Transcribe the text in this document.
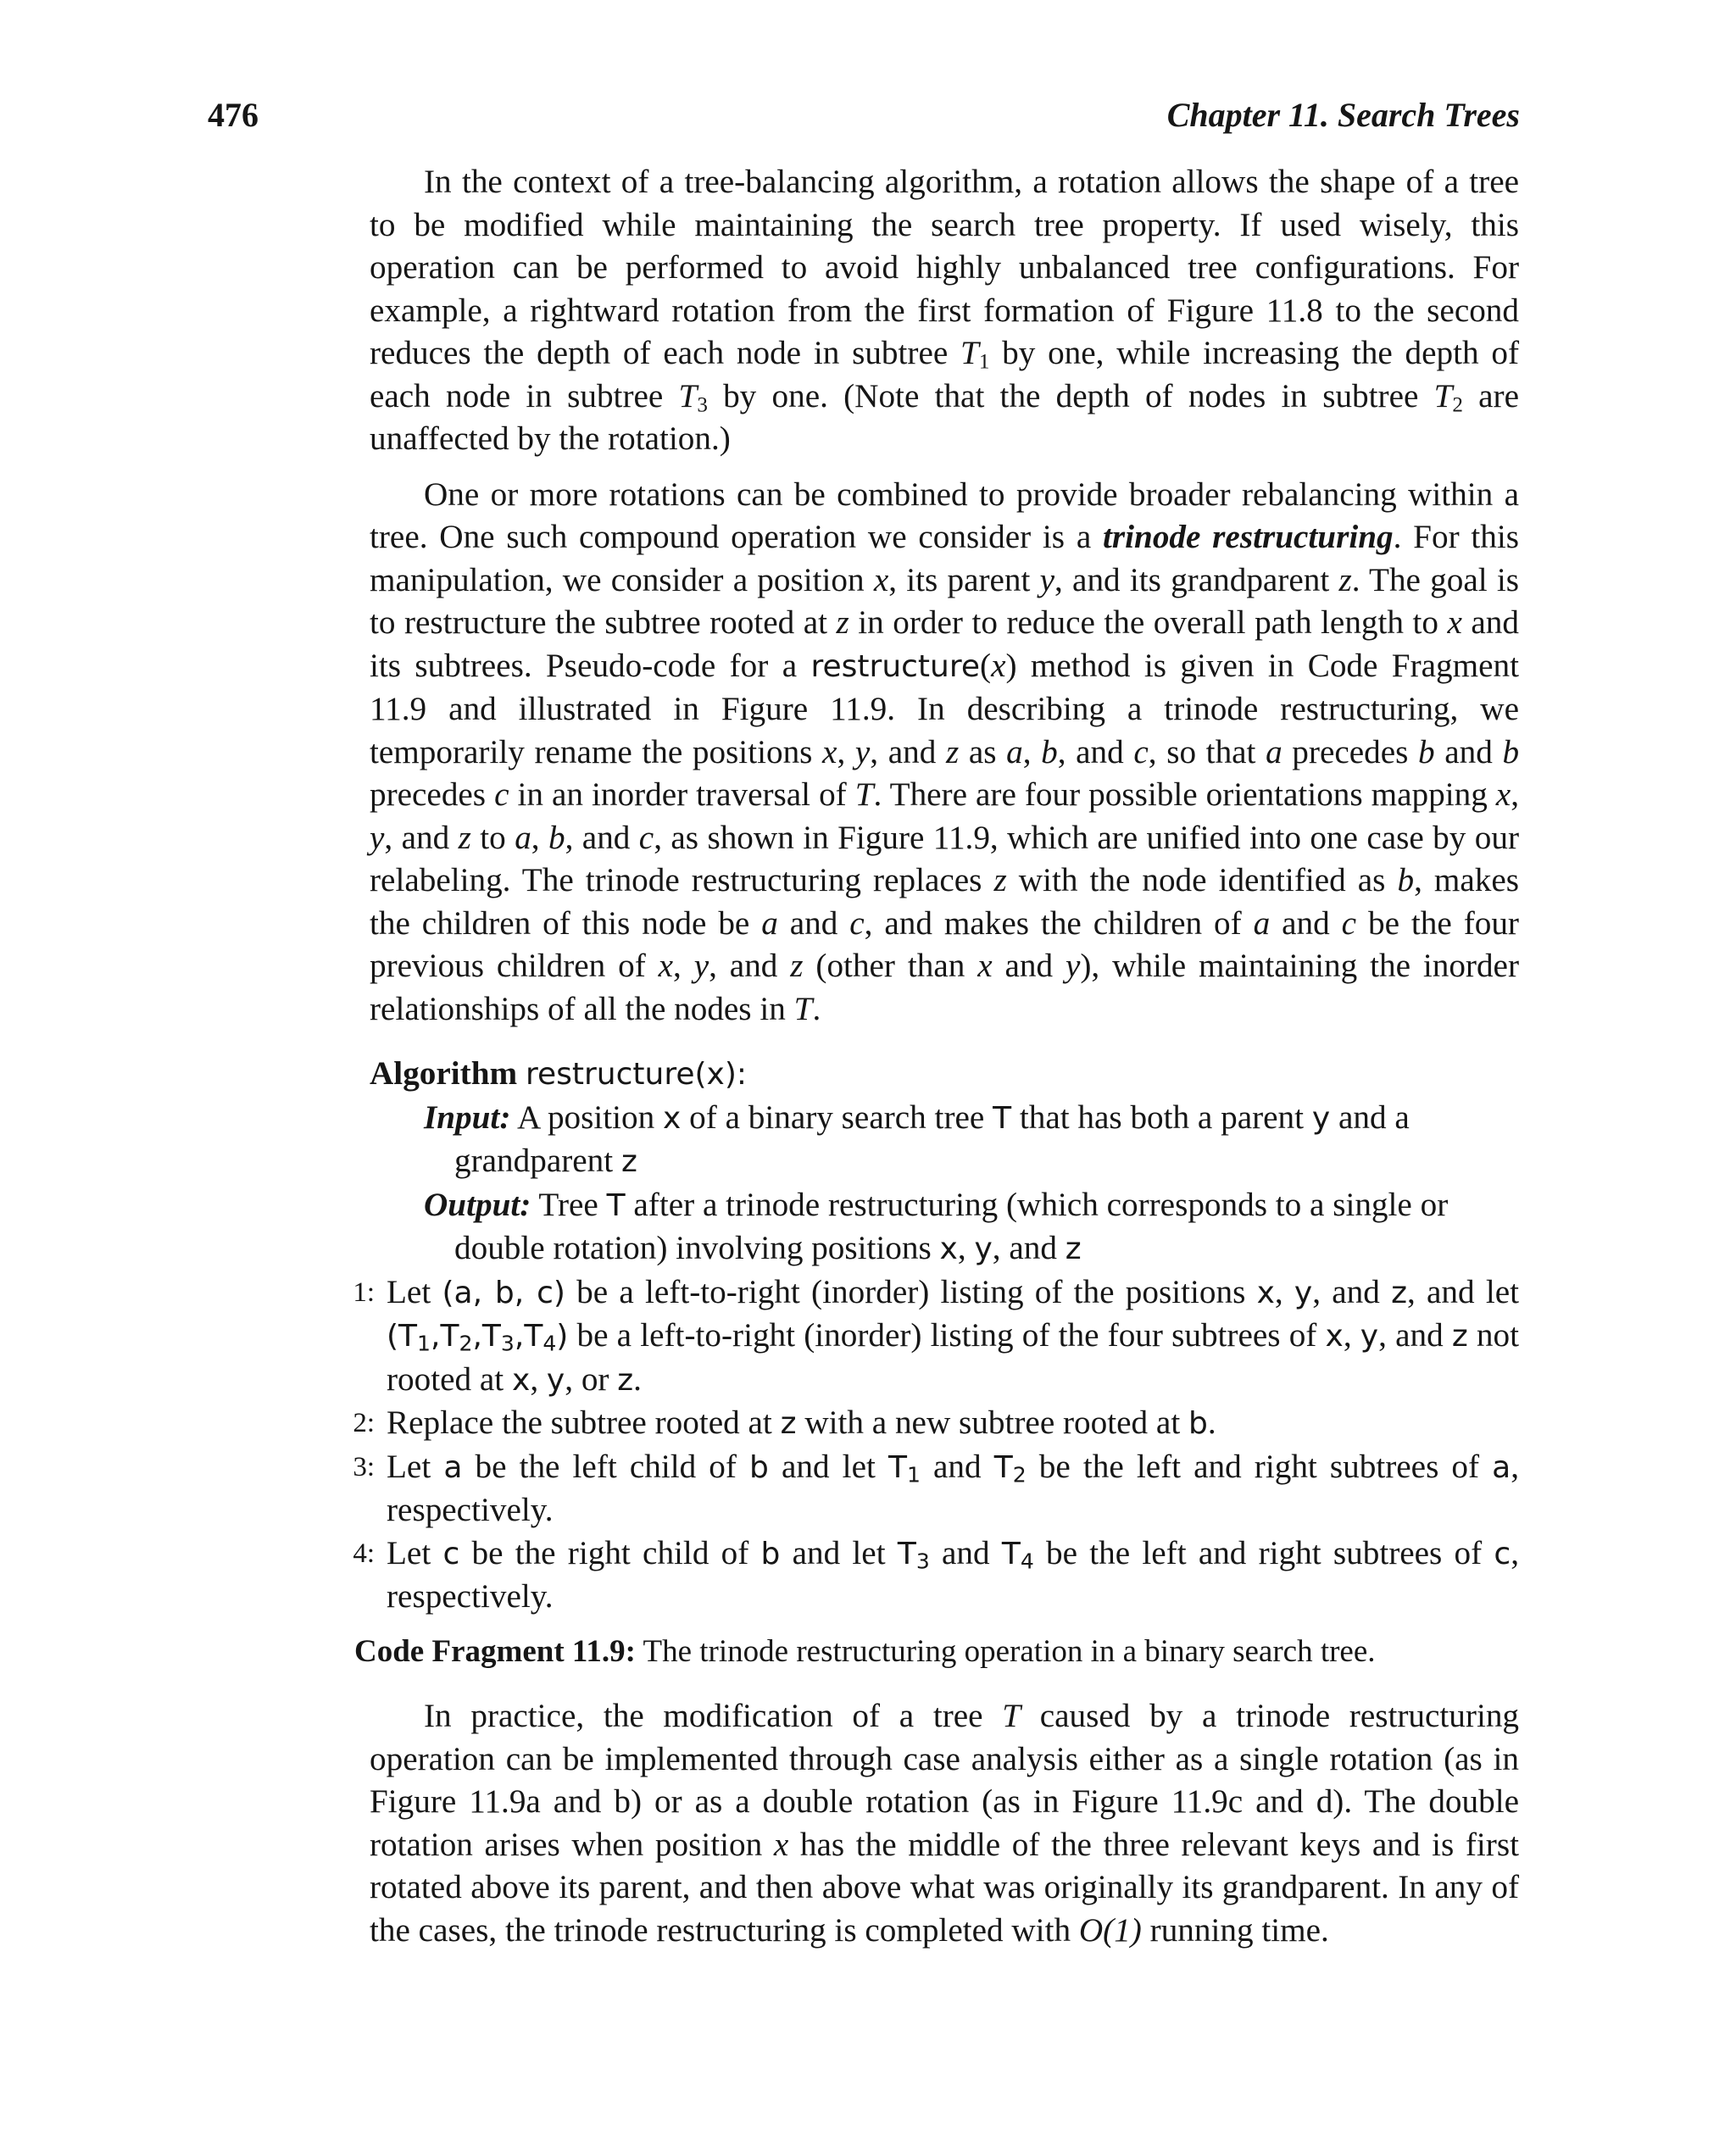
476	Chapter 11. Search Trees

In the context of a tree-balancing algorithm, a rotation allows the shape of a tree to be modified while maintaining the search tree property. If used wisely, this operation can be performed to avoid highly unbalanced tree configurations. For example, a rightward rotation from the first formation of Figure 11.8 to the second reduces the depth of each node in subtree $T_1$ by one, while increasing the depth of each node in subtree $T_3$ by one. (Note that the depth of nodes in subtree $T_2$ are unaffected by the rotation.)

One or more rotations can be combined to provide broader rebalancing within a tree. One such compound operation we consider is a trinode restructuring. For this manipulation, we consider a position x, its parent y, and its grandparent z. The goal is to restructure the subtree rooted at z in order to reduce the overall path length to x and its subtrees. Pseudo-code for a restructure(x) method is given in Code Fragment 11.9 and illustrated in Figure 11.9. In describing a trinode restructuring, we temporarily rename the positions x, y, and z as a, b, and c, so that a precedes b and b precedes c in an inorder traversal of T. There are four possible orientations mapping x, y, and z to a, b, and c, as shown in Figure 11.9, which are unified into one case by our relabeling. The trinode restructuring replaces z with the node identified as b, makes the children of this node be a and c, and makes the children of a and c be the four previous children of x, y, and z (other than x and y), while maintaining the inorder relationships of all the nodes in T.

Algorithm restructure(x):
Input: A position x of a binary search tree T that has both a parent y and a grandparent z
Output: Tree T after a trinode restructuring (which corresponds to a single or double rotation) involving positions x, y, and z
1: Let (a, b, c) be a left-to-right (inorder) listing of the positions x, y, and z, and let $(T_1,T_2,T_3,T_4)$ be a left-to-right (inorder) listing of the four subtrees of x, y, and z not rooted at x, y, or z.
2: Replace the subtree rooted at z with a new subtree rooted at b.
3: Let a be the left child of b and let $T_1$ and $T_2$ be the left and right subtrees of a, respectively.
4: Let c be the right child of b and let $T_3$ and $T_4$ be the left and right subtrees of c, respectively.
Code Fragment 11.9: The trinode restructuring operation in a binary search tree.

In practice, the modification of a tree T caused by a trinode restructuring operation can be implemented through case analysis either as a single rotation (as in Figure 11.9a and b) or as a double rotation (as in Figure 11.9c and d). The double rotation arises when position x has the middle of the three relevant keys and is first rotated above its parent, and then above what was originally its grandparent. In any of the cases, the trinode restructuring is completed with O(1) running time.
